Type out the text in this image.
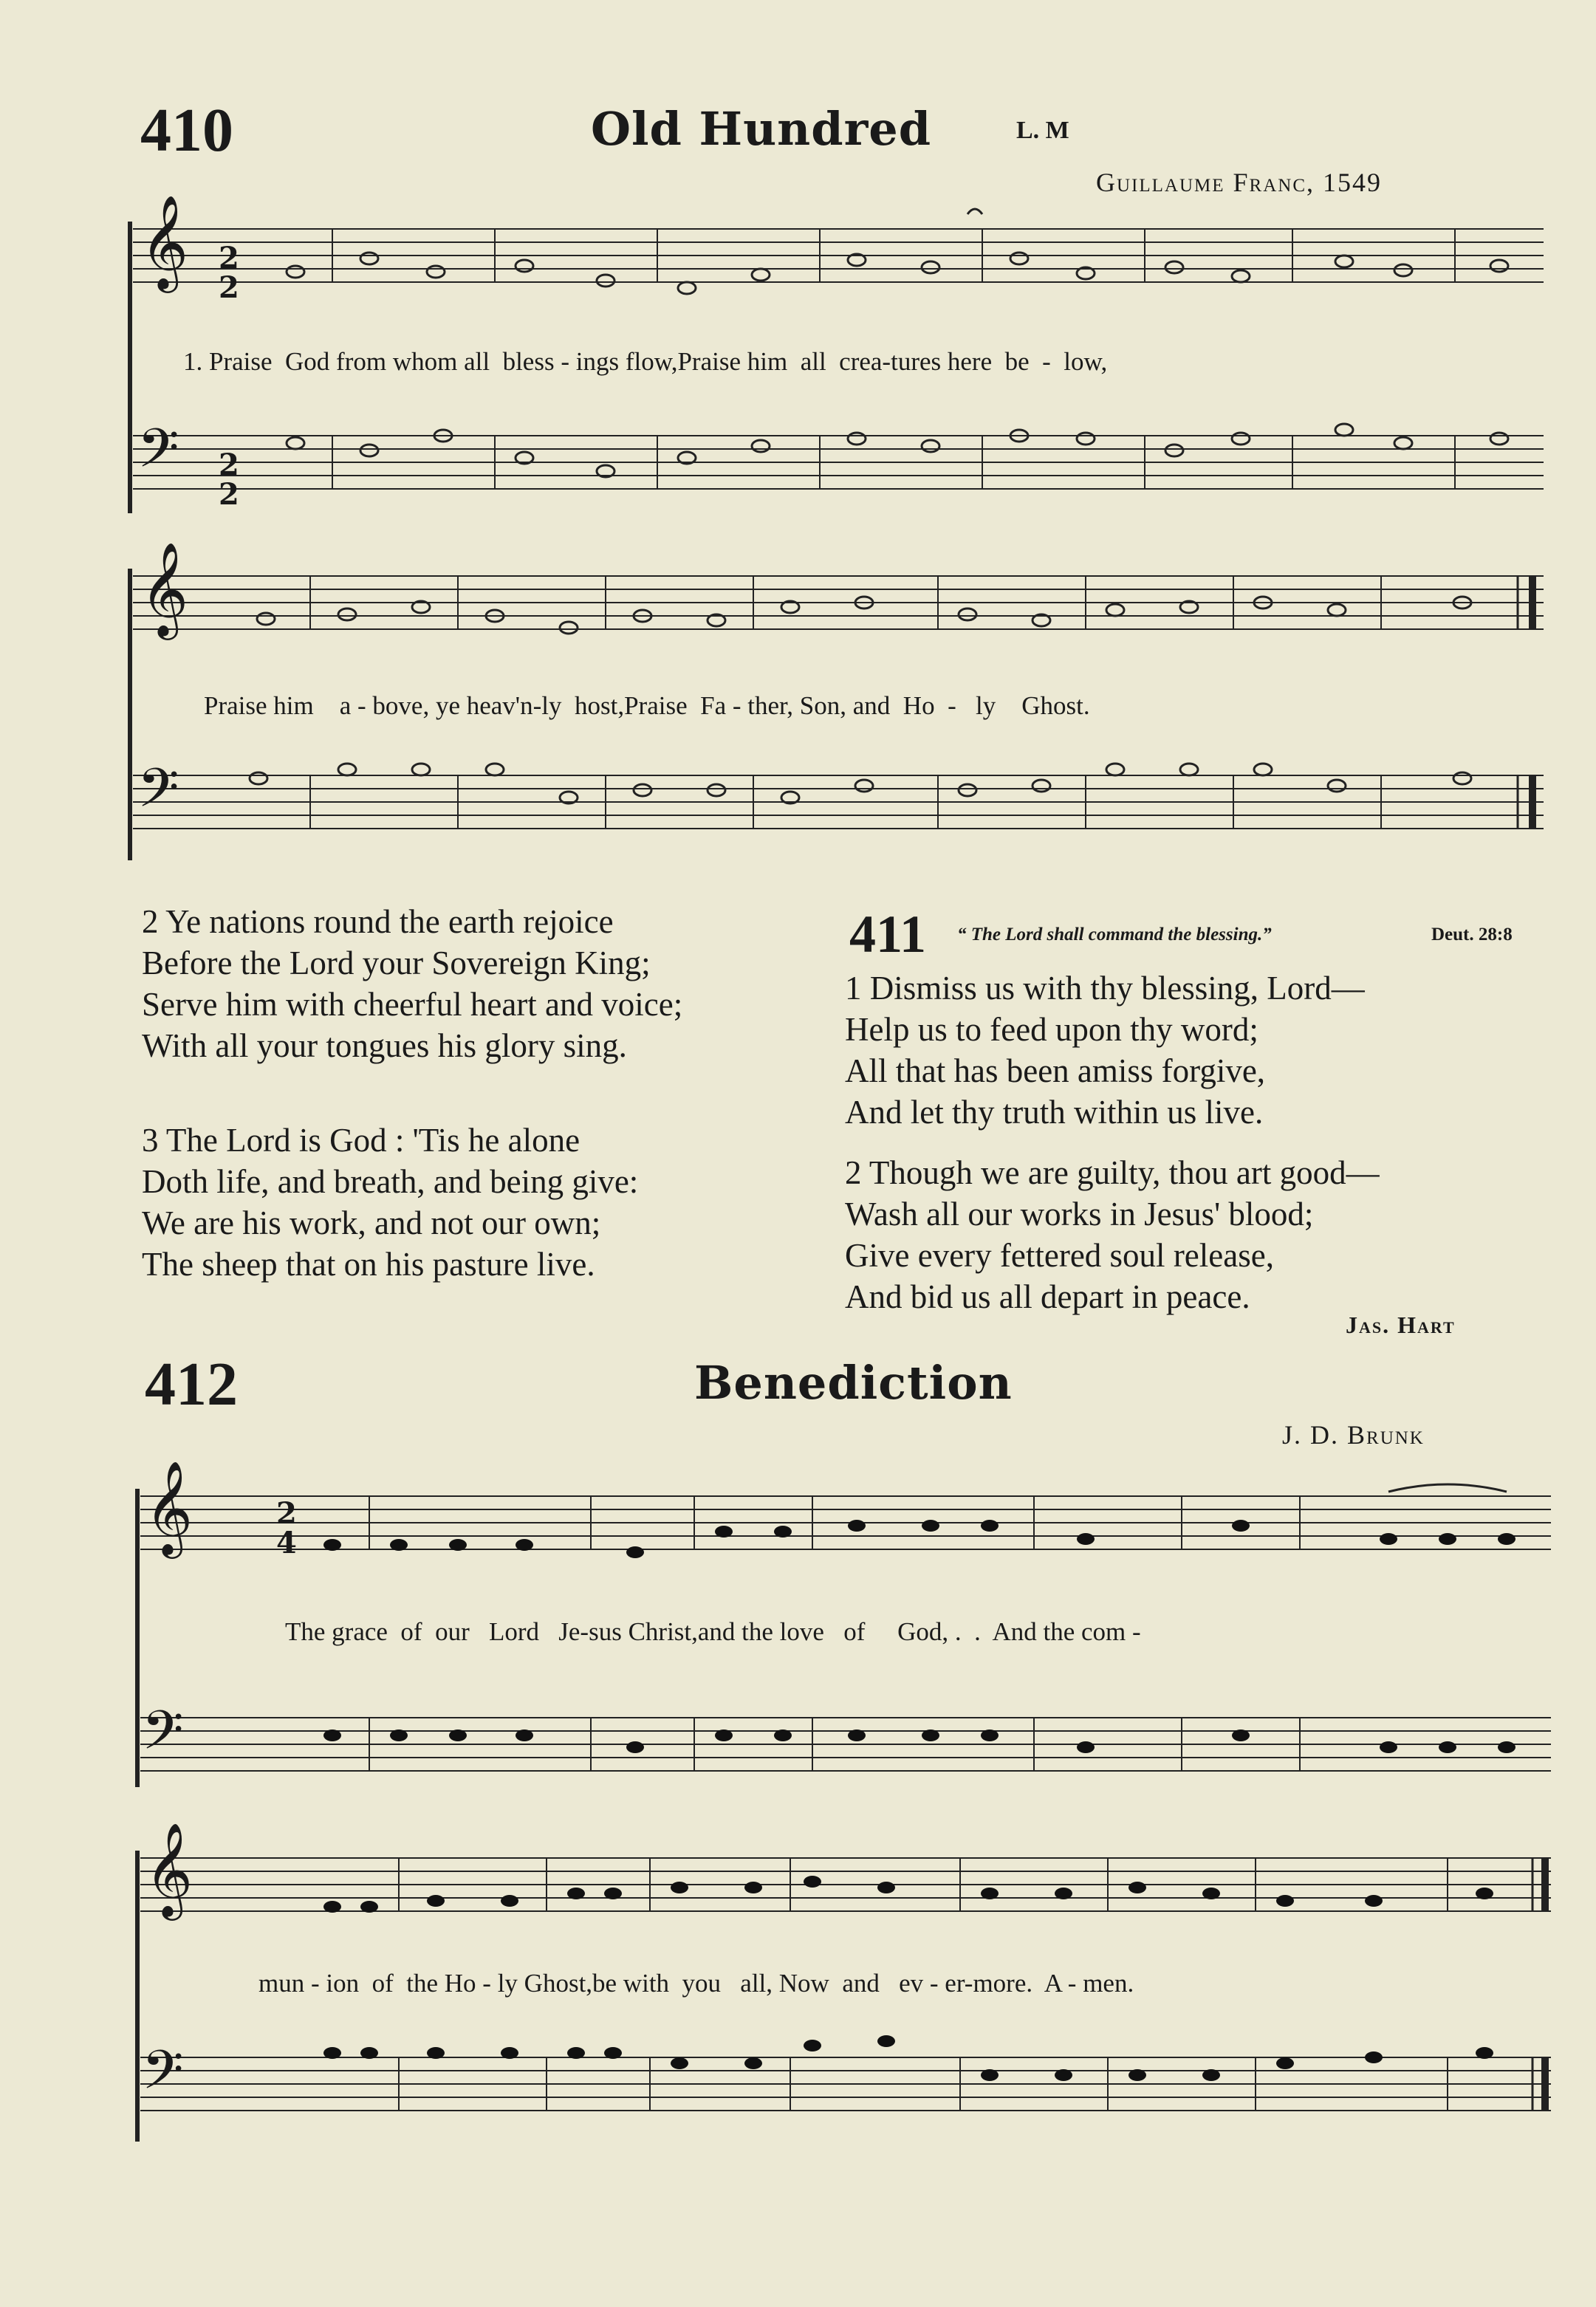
410	Old Hundred	L. M
Guillaume Franc, 1549
𝄞 2
2
1. Praise  God from whom all  bless - ings flow,Praise him  all  crea-tures here  be  -  low,
𝄢 2
2
𝄞
Praise him    a - bove, ye heav'n-ly  host,Praise  Fa - ther, Son, and  Ho  -   ly    Ghost.
𝄢
2 Ye nations round the earth rejoice
Before the Lord your Sovereign King;
Serve him with cheerful heart and voice;
With all your tongues his glory sing.
3 The Lord is God : 'Tis he alone
Doth life, and breath, and being give:
We are his work, and not our own;
The sheep that on his pasture live.
411 “ The Lord shall command the blessing.”	Deut. 28:8
1 Dismiss us with thy blessing, Lord—
Help us to feed upon thy word;
All that has been amiss forgive,
And let thy truth within us live.
2 Though we are guilty, thou art good—
Wash all our works in Jesus' blood;
Give every fettered soul release,
And bid us all depart in peace.
Jas. Hart
412	Benediction
J. D. Brunk
𝄞	2
4
The grace  of  our   Lord   Je-sus Christ,and the love   of     God, .  .  And the com -
𝄢
𝄞
mun - ion  of  the Ho - ly Ghost,be with  you   all, Now  and   ev - er-more.  A - men.
𝄢
